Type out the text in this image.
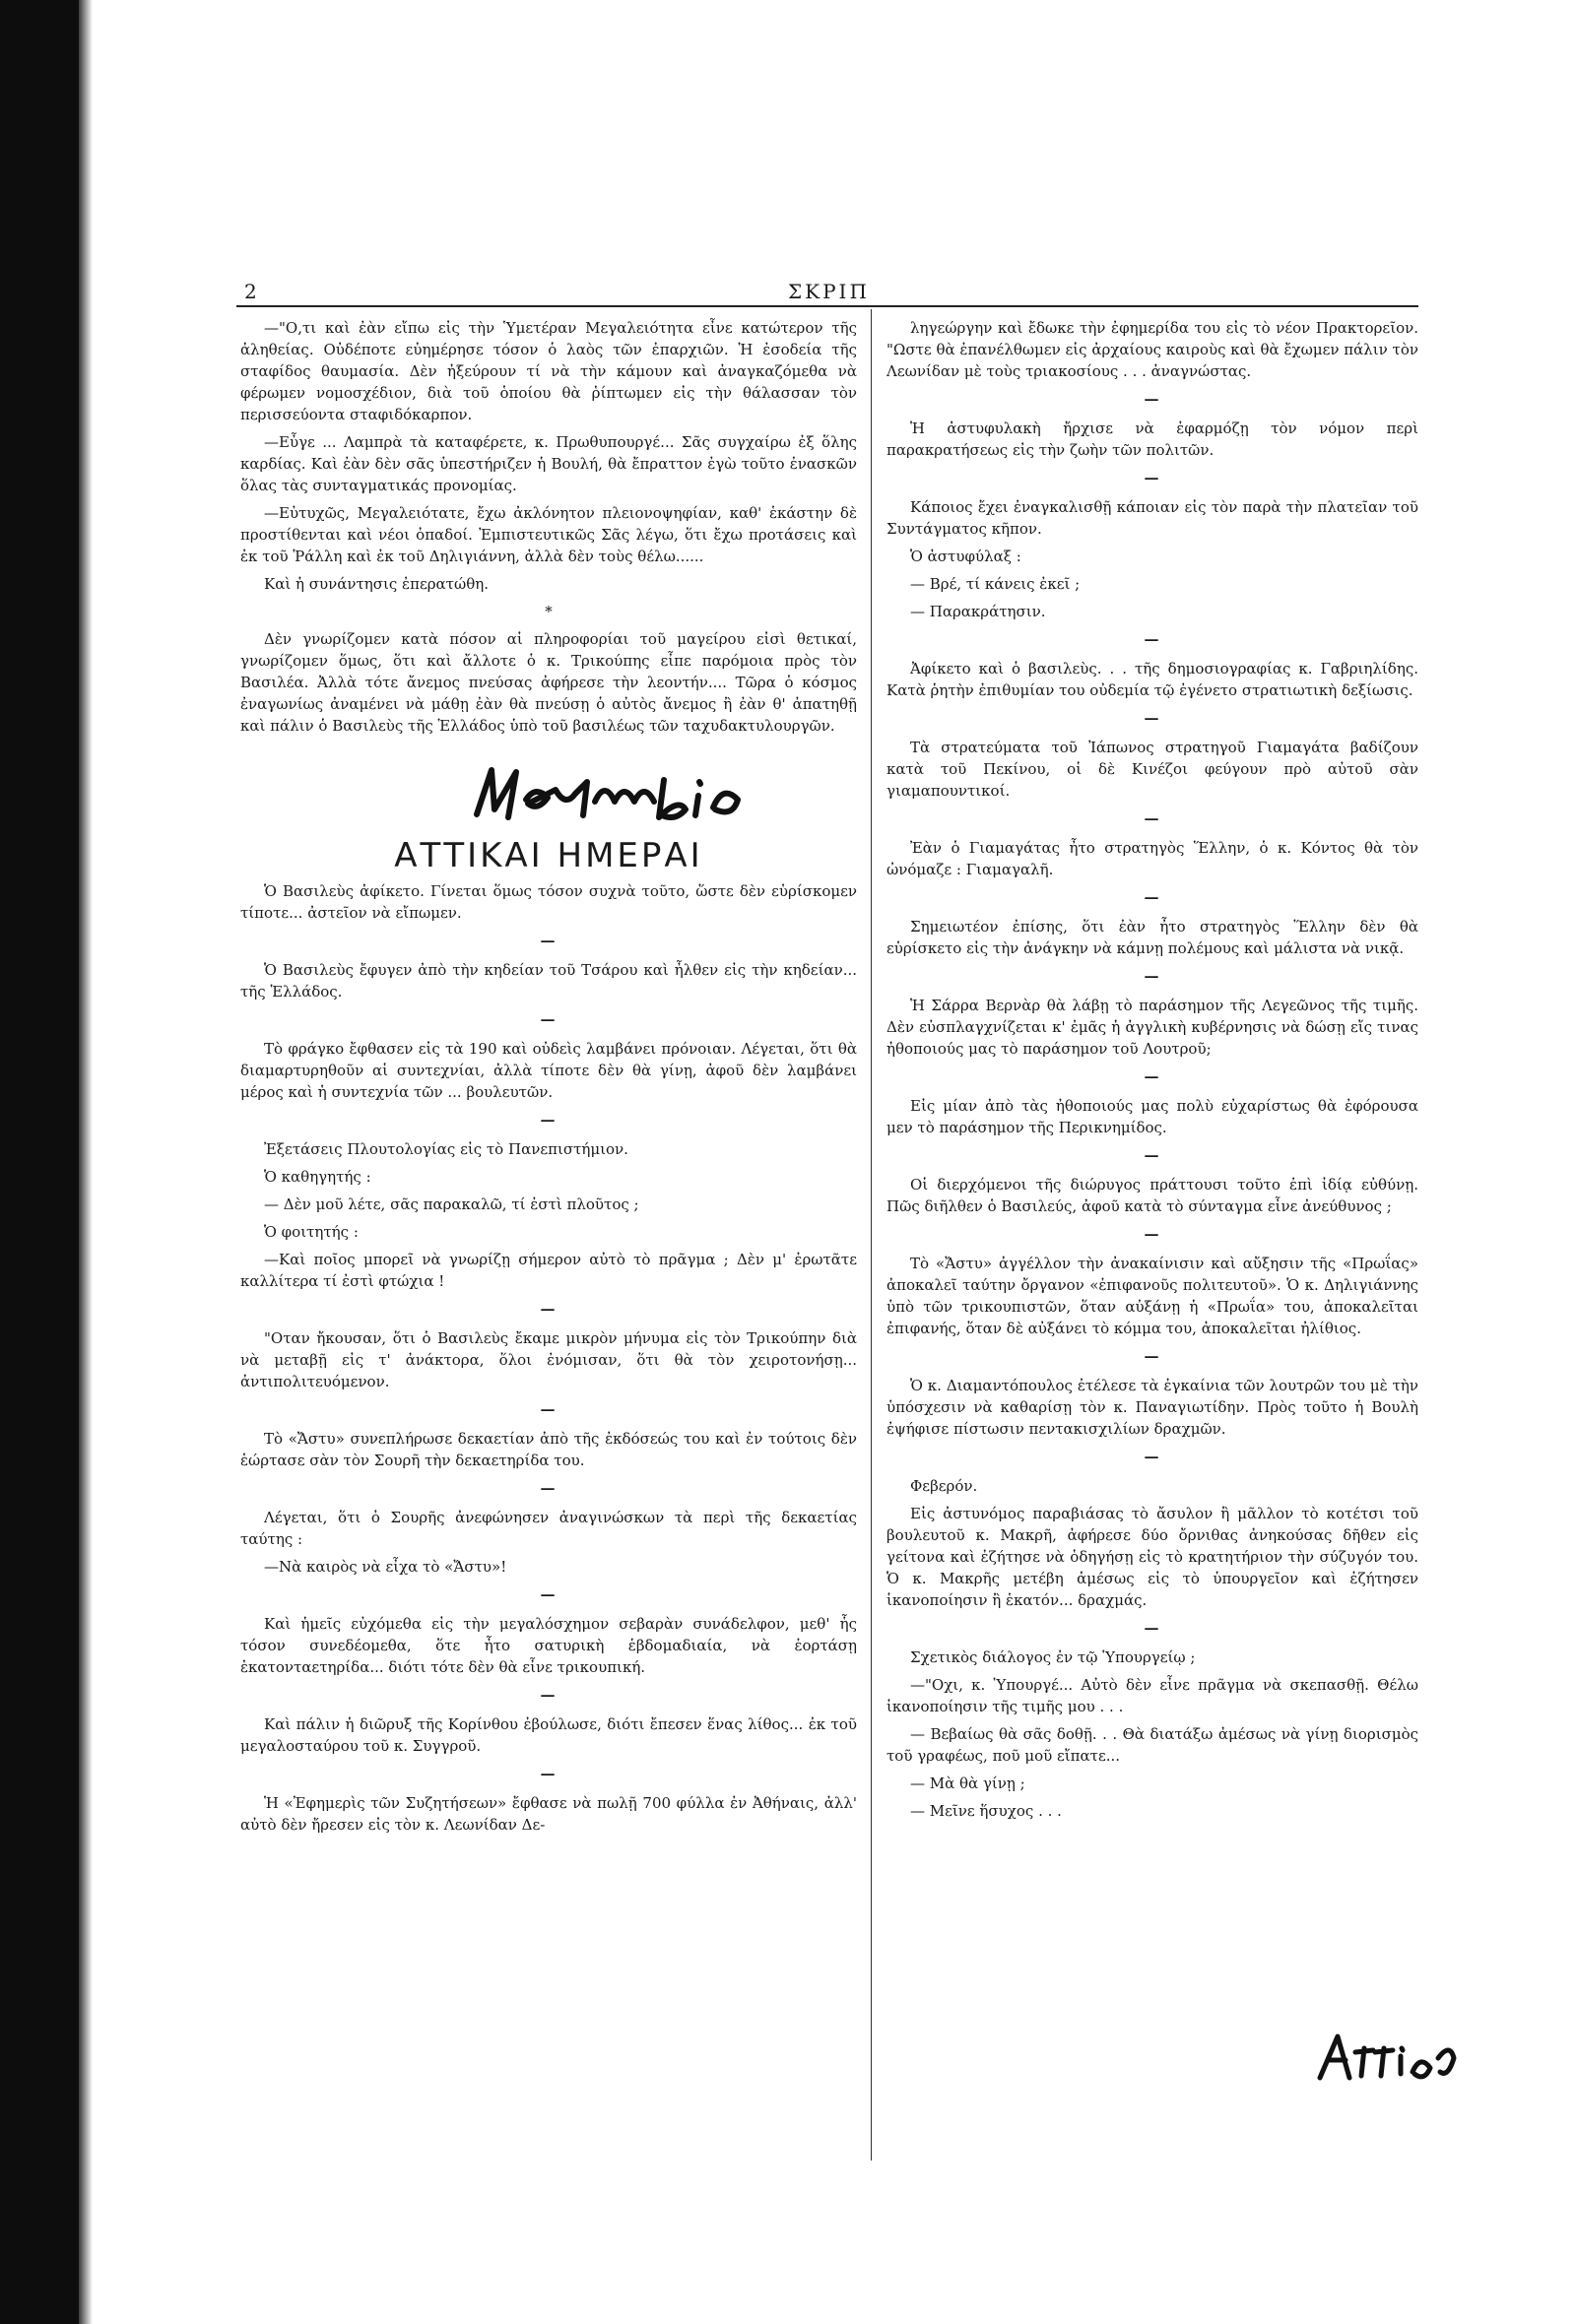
2	ΣΚΡΙΠ

—"Ο,τι καὶ ἐὰν εἴπω εἰς τὴν Ὑμετέραν Μεγαλειότητα εἶνε κατώτερον τῆς ἀληθείας. Οὐδέποτε εὐημέρησε τόσον ὁ λαὸς τῶν ἐπαρχιῶν. Ἡ ἐσοδεία τῆς σταφίδος θαυμασία. Δὲν ἠξεύρουν τί νὰ τὴν κάμουν καὶ ἀναγκαζόμεθα νὰ φέρωμεν νομοσχέδιον, διὰ τοῦ ὁποίου θὰ ῥίπτωμεν εἰς τὴν θάλασσαν τὸν περισσεύοντα σταφιδόκαρπον.

—Εὖγε ... Λαμπρὰ τὰ καταφέρετε, κ. Πρωθυπουργέ... Σᾶς συγχαίρω ἐξ ὅλης καρδίας. Καὶ ἐὰν δὲν σᾶς ὑπεστήριζεν ἡ Βουλή, θὰ ἔπραττον ἐγὼ τοῦτο ἐνασκῶν ὅλας τὰς συνταγματικάς προνομίας.

—Εὐτυχῶς, Μεγαλειότατε, ἔχω ἀκλόνητον πλειονοψηφίαν, καθ' ἑκάστην δὲ προστίθενται καὶ νέοι ὀπαδοί. Ἐμπιστευτικῶς Σᾶς λέγω, ὅτι ἔχω προτάσεις καὶ ἐκ τοῦ Ῥάλλη καὶ ἐκ τοῦ Δηλιγιάννη, ἀλλὰ δὲν τοὺς θέλω......

Καὶ ἡ συνάντησις ἐπερατώθη.

*

Δὲν γνωρίζομεν κατὰ πόσον αἱ πληροφορίαι τοῦ μαγείρου εἰσὶ θετικαί, γνωρίζομεν ὅμως, ὅτι καὶ ἄλλοτε ὁ κ. Τρικούπης εἶπε παρόμοια πρὸς τὸν Βασιλέα. Ἀλλὰ τότε ἄνεμος πνεύσας ἀφήρεσε τὴν λεοντήν.... Τῶρα ὁ κόσμος ἐναγωνίως ἀναμένει νὰ μάθῃ ἐὰν θὰ πνεύσῃ ὁ αὐτὸς ἄνεμος ἢ ἐὰν θ' ἀπατηθῇ καὶ πάλιν ὁ Βασιλεὺς τῆς Ἑλλάδος ὑπὸ τοῦ βασιλέως τῶν ταχυδακτυλουργῶν.

ΑΤΤΙΚΑΙ ΗΜΕΡΑΙ

Ὁ Βασιλεὺς ἀφίκετο. Γίνεται ὅμως τόσον συχνὰ τοῦτο, ὥστε δὲν εὑρίσκομεν τίποτε... ἀστεῖον νὰ εἴπωμεν.

—

Ὁ Βασιλεὺς ἔφυγεν ἀπὸ τὴν κηδείαν τοῦ Τσάρου καὶ ἦλθεν εἰς τὴν κηδείαν... τῆς Ἑλλάδος.

—

Τὸ φράγκο ἔφθασεν εἰς τὰ 190 καὶ οὐδεὶς λαμβάνει πρόνοιαν. Λέγεται, ὅτι θὰ διαμαρτυρηθοῦν αἱ συντεχνίαι, ἀλλὰ τίποτε δὲν θὰ γίνῃ, ἀφοῦ δὲν λαμβάνει μέρος καὶ ἡ συντεχνία τῶν ... βουλευτῶν.

—

Ἐξετάσεις Πλουτολογίας εἰς τὸ Πανεπιστήμιον.

Ὁ καθηγητής :

— Δὲν μοῦ λέτε, σᾶς παρακαλῶ, τί ἐστὶ πλοῦτος ;

Ὁ φοιτητής :

—Καὶ ποῖος μπορεῖ νὰ γνωρίζῃ σήμερον αὐτὸ τὸ πρᾶγμα ; Δὲν μ' ἐρωτᾶτε καλλίτερα τί ἐστὶ φτώχια !

—

"Οταν ἤκουσαν, ὅτι ὁ Βασιλεὺς ἔκαμε μικρὸν μήνυμα εἰς τὸν Τρικούπην διὰ νὰ μεταβῇ εἰς τ' ἀνάκτορα, ὅλοι ἐνόμισαν, ὅτι θὰ τὸν χειροτονήσῃ... ἀντιπολιτευόμενον.

—

Τὸ «Ἄστυ» συνεπλήρωσε δεκαετίαν ἀπὸ τῆς ἐκδόσεώς του καὶ ἐν τούτοις δὲν ἑώρτασε σὰν τὸν Σουρῆ τὴν δεκαετηρίδα του.

—

Λέγεται, ὅτι ὁ Σουρῆς ἀνεφώνησεν ἀναγινώσκων τὰ περὶ τῆς δεκαετίας ταύτης :

—Νὰ καιρὸς νὰ εἶχα τὸ «Ἄστυ»!

—

Καὶ ἡμεῖς εὐχόμεθα εἰς τὴν μεγαλόσχημον σεβαρὰν συνάδελφον, μεθ' ἧς τόσον συνεδέομεθα, ὅτε ἦτο σατυρικὴ ἑβδομαδιαία, νὰ ἑορτάσῃ ἑκατονταετηρίδα... διότι τότε δὲν θὰ εἶνε τρικουπική.

—

Καὶ πάλιν ἡ διῶρυξ τῆς Κορίνθου ἐβούλωσε, διότι ἔπεσεν ἕνας λίθος... ἐκ τοῦ μεγαλοσταύρου τοῦ κ. Συγγροῦ.

—

Ἡ «Ἐφημερὶς τῶν Συζητήσεων» ἔφθασε νὰ πωλῇ 700 φύλλα ἐν Ἀθήναις, ἀλλ' αὐτὸ δὲν ἤρεσεν εἰς τὸν κ. Λεωνίδαν Δε-

ληγεώργην καὶ ἔδωκε τὴν ἐφημερίδα του εἰς τὸ νέον Πρακτορεῖον. "Ωστε θὰ ἐπανέλθωμεν εἰς ἀρχαίους καιροὺς καὶ θὰ ἔχωμεν πάλιν τὸν Λεωνίδαν μὲ τοὺς τριακοσίους . . . ἀναγνώστας.

—

Ἡ ἀστυφυλακὴ ἤρχισε νὰ ἐφαρμόζῃ τὸν νόμον περὶ παρακρατήσεως εἰς τὴν ζωὴν τῶν πολιτῶν.

—

Κάποιος ἔχει ἐναγκαλισθῇ κάποιαν εἰς τὸν παρὰ τὴν πλατεῖαν τοῦ Συντάγματος κῆπον.

Ὁ ἀστυφύλαξ :

— Βρέ, τί κάνεις ἐκεῖ ;

— Παρακράτησιν.

—

Ἀφίκετο καὶ ὁ βασιλεὺς. . . τῆς δημοσιογραφίας κ. Γαβριηλίδης. Κατὰ ῥητὴν ἐπιθυμίαν του οὐδεμία τῷ ἐγένετο στρατιωτικὴ δεξίωσις.

—

Τὰ στρατεύματα τοῦ Ἰάπωνος στρατηγοῦ Γιαμαγάτα βαδίζουν κατὰ τοῦ Πεκίνου, οἱ δὲ Κινέζοι φεύγουν πρὸ αὐτοῦ σὰν γιαμαπουντικοί.

—

Ἐὰν ὁ Γιαμαγάτας ἦτο στρατηγὸς Ἕλλην, ὁ κ. Κόντος θὰ τὸν ὠνόμαζε : Γιαμαγαλῆ.

—

Σημειωτέον ἐπίσης, ὅτι ἐὰν ἦτο στρατηγὸς Ἕλλην δὲν θὰ εὑρίσκετο εἰς τὴν ἀνάγκην νὰ κάμνῃ πολέμους καὶ μάλιστα νὰ νικᾷ.

—

Ἡ Σάρρα Βερνὰρ θὰ λάβῃ τὸ παράσημον τῆς Λεγεῶνος τῆς τιμῆς. Δὲν εὐσπλαγχνίζεται κ' ἐμᾶς ἡ ἀγγλικὴ κυβέρνησις νὰ δώσῃ εἴς τινας ἠθοποιούς μας τὸ παράσημον τοῦ Λουτροῦ;

—

Εἰς μίαν ἀπὸ τὰς ἠθοποιούς μας πολὺ εὐχαρίστως θὰ ἐφόρουσα μεν τὸ παράσημον τῆς Περικνημίδος.

—

Οἱ διερχόμενοι τῆς διώρυγος πράττουσι τοῦτο ἐπὶ ἰδίᾳ εὐθύνῃ. Πῶς διῆλθεν ὁ Βασιλεύς, ἀφοῦ κατὰ τὸ σύνταγμα εἶνε ἀνεύθυνος ;

—

Τὸ «Ἄστυ» ἀγγέλλον τὴν ἀνακαίνισιν καὶ αὔξησιν τῆς «Πρωΐας» ἀποκαλεῖ ταύτην ὄργανον «ἐπιφανοῦς πολιτευτοῦ». Ὁ κ. Δηλιγιάννης ὑπὸ τῶν τρικουπιστῶν, ὅταν αὐξάνῃ ἡ «Πρωΐα» του, ἀποκαλεῖται ἐπιφανής, ὅταν δὲ αὐξάνει τὸ κόμμα του, ἀποκαλεῖται ἠλίθιος.

—

Ὁ κ. Διαμαντόπουλος ἐτέλεσε τὰ ἐγκαίνια τῶν λουτρῶν του μὲ τὴν ὑπόσχεσιν νὰ καθαρίσῃ τὸν κ. Παναγιωτίδην. Πρὸς τοῦτο ἡ Βουλὴ ἐψήφισε πίστωσιν πεντακισχιλίων δραχμῶν.

—

Φεβερόν.

Εἰς ἀστυνόμος παραβιάσας τὸ ἄσυλον ἢ μᾶλλον τὸ κοτέτσι τοῦ βουλευτοῦ κ. Μακρῆ, ἀφήρεσε δύο ὄρνιθας ἀνηκούσας δῆθεν εἰς γείτονα καὶ ἐζήτησε νὰ ὁδηγήσῃ εἰς τὸ κρατητήριον τὴν σύζυγόν του. Ὁ κ. Μακρῆς μετέβη ἀμέσως εἰς τὸ ὑπουργεῖον καὶ ἐζήτησεν ἱκανοποίησιν ἢ ἑκατόν... δραχμάς.

—

Σχετικὸς διάλογος ἐν τῷ Ὑπουργείῳ ;

—"Οχι, κ. Ὑπουργέ... Αὐτὸ δὲν εἶνε πρᾶγμα νὰ σκεπασθῇ. Θέλω ἱκανοποίησιν τῆς τιμῆς μου . . .

— Βεβαίως θὰ σᾶς δοθῇ. . . Θὰ διατάξω ἀμέσως νὰ γίνῃ διορισμὸς τοῦ γραφέως, ποῦ μοῦ εἴπατε...

— Μὰ θὰ γίνῃ ;

— Μεῖνε ἥσυχος . . .
